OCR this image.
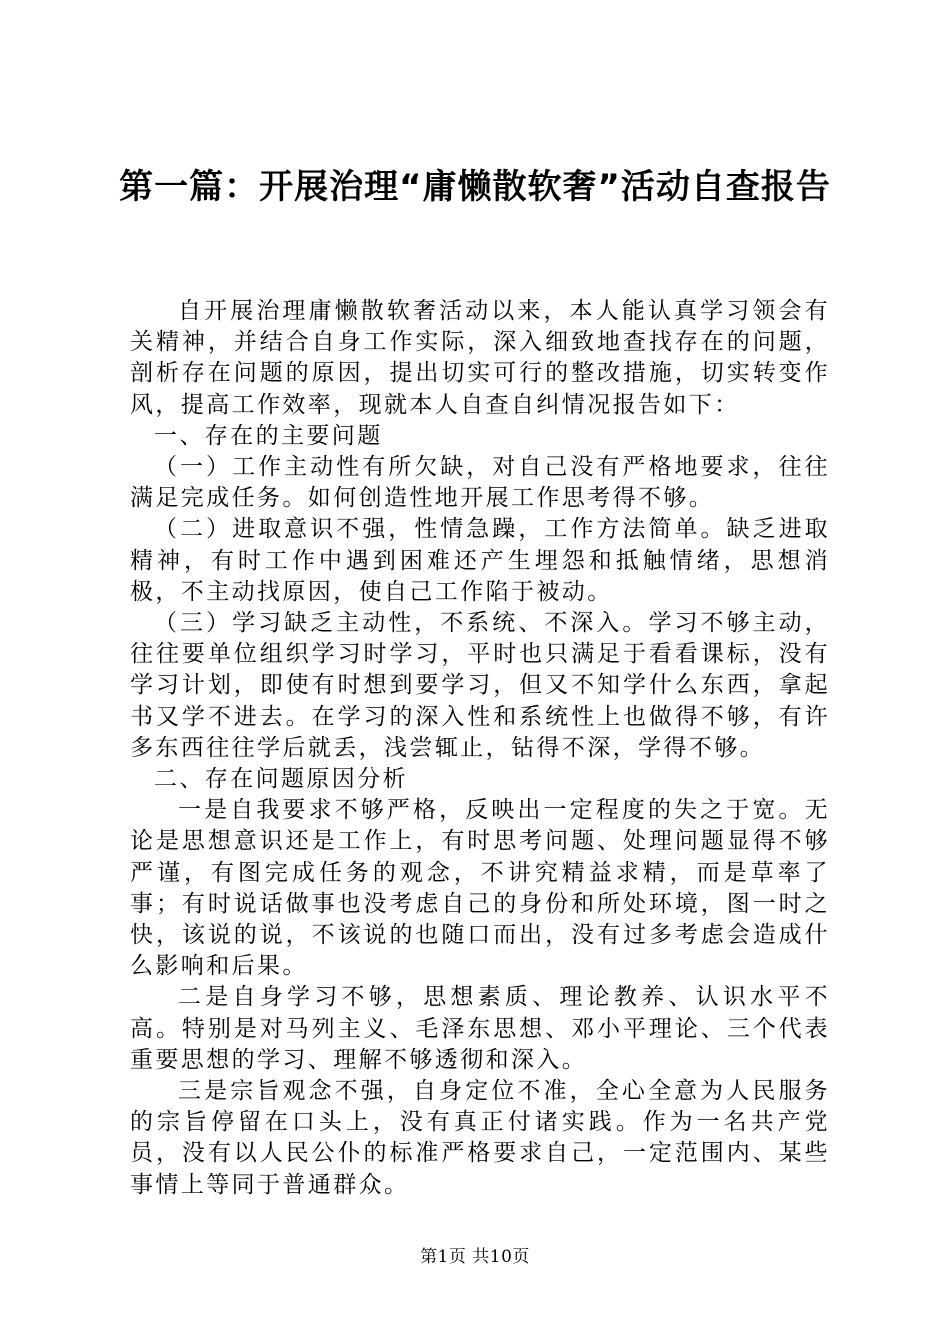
第一篇：开展治理“庸懒散软奢”活动自查报告

自开展治理庸懒散软奢活动以来，本人能认真学习领会有关精神，并结合自身工作实际，深入细致地查找存在的问题，剖析存在问题的原因，提出切实可行的整改措施，切实转变作风，提高工作效率，现就本人自查自纠情况报告如下：

一、存在的主要问题

（一）工作主动性有所欠缺，对自己没有严格地要求，往往满足完成任务。如何创造性地开展工作思考得不够。

（二）进取意识不强，性情急躁，工作方法简单。缺乏进取精神，有时工作中遇到困难还产生埋怨和抵触情绪，思想消极，不主动找原因，使自己工作陷于被动。

（三）学习缺乏主动性，不系统、不深入。学习不够主动，往往要单位组织学习时学习，平时也只满足于看看课标，没有学习计划，即使有时想到要学习，但又不知学什么东西，拿起书又学不进去。在学习的深入性和系统性上也做得不够，有许多东西往往学后就丢，浅尝辄止，钻得不深，学得不够。

二、存在问题原因分析

一是自我要求不够严格，反映出一定程度的失之于宽。无论是思想意识还是工作上，有时思考问题、处理问题显得不够严谨，有图完成任务的观念，不讲究精益求精，而是草率了事；有时说话做事也没考虑自己的身份和所处环境，图一时之快，该说的说，不该说的也随口而出，没有过多考虑会造成什么影响和后果。

二是自身学习不够，思想素质、理论教养、认识水平不高。特别是对马列主义、毛泽东思想、邓小平理论、三个代表重要思想的学习、理解不够透彻和深入。

三是宗旨观念不强，自身定位不准，全心全意为人民服务的宗旨停留在口头上，没有真正付诸实践。作为一名共产党员，没有以人民公仆的标准严格要求自己，一定范围内、某些事情上等同于普通群众。

第1页 共10页
